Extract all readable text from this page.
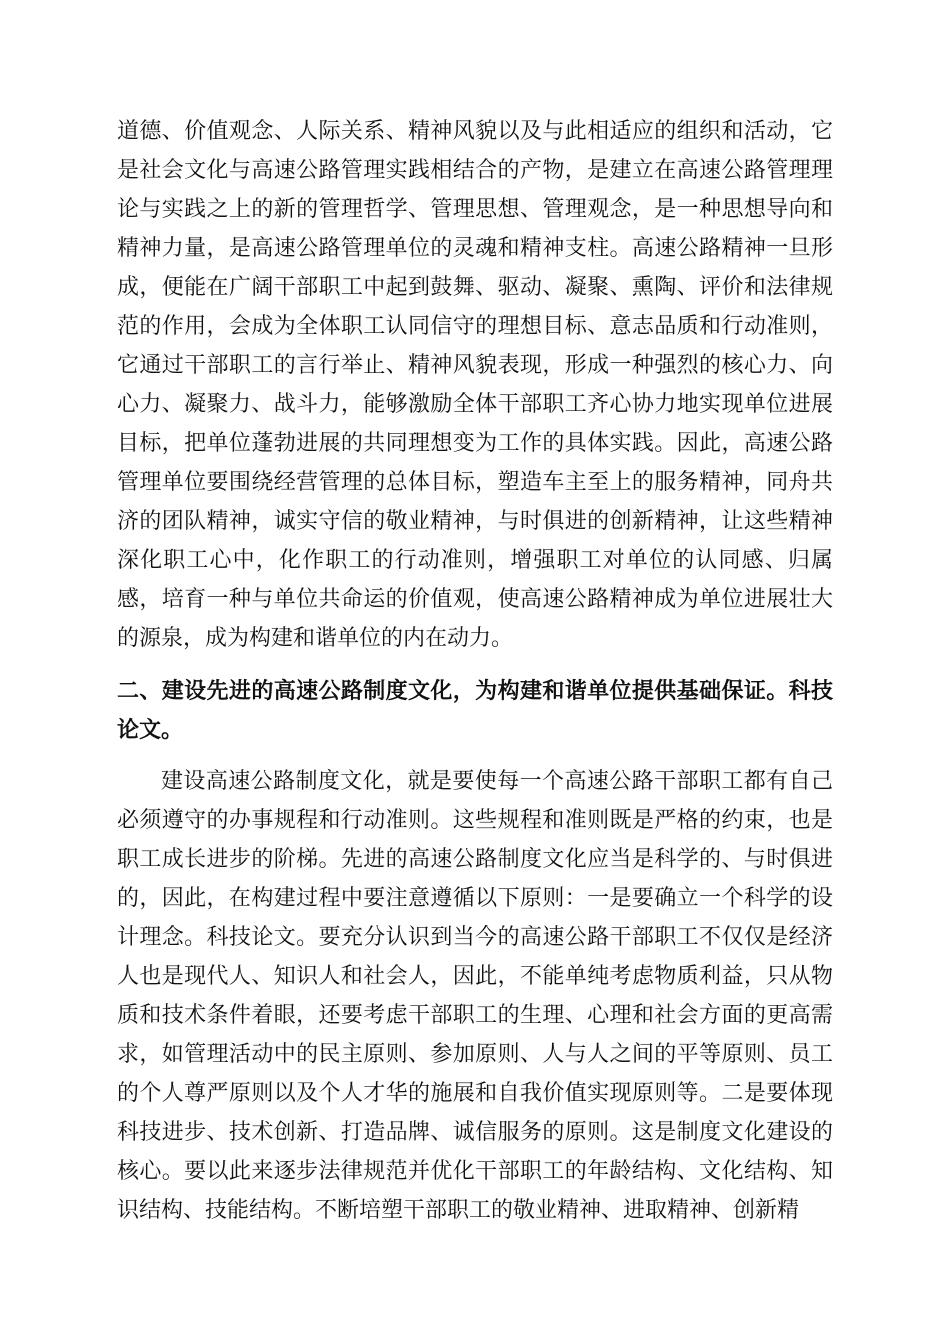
道德、价值观念、人际关系、精神风貌以及与此相适应的组织和活动，它是社会文化与高速公路管理实践相结合的产物，是建立在高速公路管理理论与实践之上的新的管理哲学、管理思想、管理观念，是一种思想导向和精神力量，是高速公路管理单位的灵魂和精神支柱。高速公路精神一旦形成，便能在广阔干部职工中起到鼓舞、驱动、凝聚、熏陶、评价和法律规范的作用，会成为全体职工认同信守的理想目标、意志品质和行动准则，它通过干部职工的言行举止、精神风貌表现，形成一种强烈的核心力、向心力、凝聚力、战斗力，能够激励全体干部职工齐心协力地实现单位进展目标，把单位蓬勃进展的共同理想变为工作的具体实践。因此，高速公路管理单位要围绕经营管理的总体目标，塑造车主至上的服务精神，同舟共济的团队精神，诚实守信的敬业精神，与时俱进的创新精神，让这些精神深化职工心中，化作职工的行动准则，增强职工对单位的认同感、归属感，培育一种与单位共命运的价值观，使高速公路精神成为单位进展壮大的源泉，成为构建和谐单位的内在动力。

二、建设先进的高速公路制度文化，为构建和谐单位提供基础保证。科技论文。

建设高速公路制度文化，就是要使每一个高速公路干部职工都有自己必须遵守的办事规程和行动准则。这些规程和准则既是严格的约束，也是职工成长进步的阶梯。先进的高速公路制度文化应当是科学的、与时俱进的，因此，在构建过程中要注意遵循以下原则：一是要确立一个科学的设计理念。科技论文。要充分认识到当今的高速公路干部职工不仅仅是经济人也是现代人、知识人和社会人，因此，不能单纯考虑物质利益，只从物质和技术条件着眼，还要考虑干部职工的生理、心理和社会方面的更高需求，如管理活动中的民主原则、参加原则、人与人之间的平等原则、员工的个人尊严原则以及个人才华的施展和自我价值实现原则等。二是要体现科技进步、技术创新、打造品牌、诚信服务的原则。这是制度文化建设的核心。要以此来逐步法律规范并优化干部职工的年龄结构、文化结构、知识结构、技能结构。不断培塑干部职工的敬业精神、进取精神、创新精
